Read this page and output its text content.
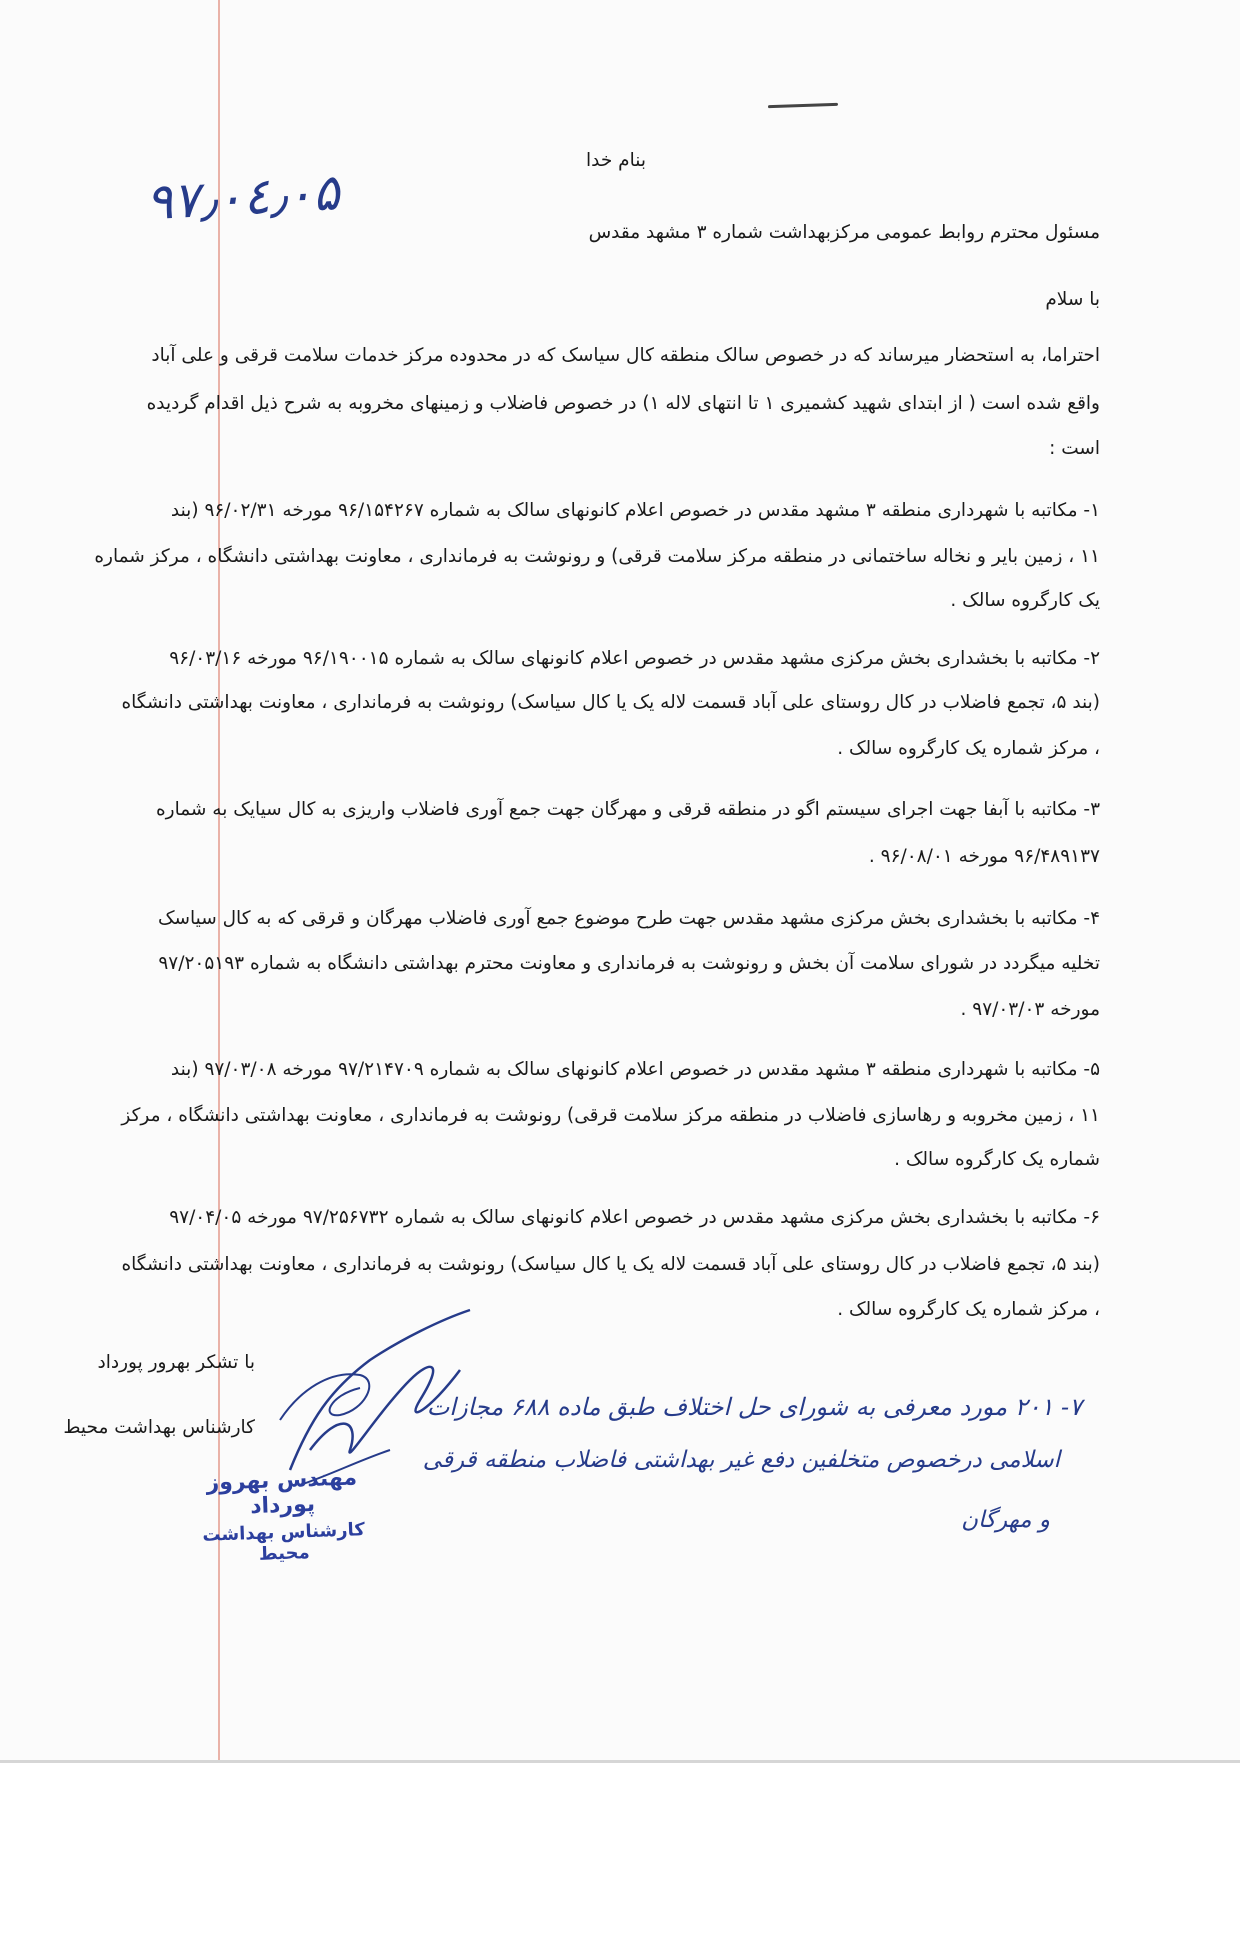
بنام خدا

۹۷٫۰٤٫۰۵

مسئول محترم روابط عمومی مرکزبهداشت شماره ۳ مشهد مقدس

با سلام

احتراما، به استحضار میرساند که در خصوص سالک منطقه کال سیاسک که در محدوده مرکز خدمات سلامت قرقی و علی آباد

واقع شده است ( از ابتدای شهید کشمیری ۱ تا انتهای لاله ۱) در خصوص فاضلاب و زمینهای مخروبه به شرح ذیل اقدام گردیده

است :

۱- مکاتبه با شهرداری منطقه ۳ مشهد مقدس در خصوص اعلام کانونهای سالک به شماره ۹۶/۱۵۴۲۶۷ مورخه ۹۶/۰۲/۳۱ (بند

۱۱ ، زمین بایر و نخاله ساختمانی در منطقه مرکز سلامت قرقی) و رونوشت به فرمانداری ، معاونت بهداشتی دانشگاه ، مرکز شماره

یک کارگروه سالک .

۲- مکاتبه با بخشداری بخش مرکزی مشهد مقدس در خصوص اعلام کانونهای سالک به شماره ۹۶/۱۹۰۰۱۵ مورخه ۹۶/۰۳/۱۶

(بند ۵، تجمع فاضلاب در کال روستای علی آباد قسمت لاله یک یا کال سیاسک) رونوشت به فرمانداری ، معاونت بهداشتی دانشگاه

، مرکز شماره یک کارگروه سالک .

۳- مکاتبه با آبفا جهت اجرای سیستم اگو در منطقه قرقی و مهرگان جهت جمع آوری فاضلاب واریزی به کال سیایک به شماره

۹۶/۴۸۹۱۳۷ مورخه ۹۶/۰۸/۰۱ .

۴- مکاتبه با بخشداری بخش مرکزی مشهد مقدس جهت طرح موضوع جمع آوری فاضلاب مهرگان و قرقی که به کال سیاسک

تخلیه میگردد در شورای سلامت آن بخش و رونوشت به فرمانداری و معاونت محترم بهداشتی دانشگاه به شماره ۹۷/۲۰۵۱۹۳

مورخه ۹۷/۰۳/۰۳ .

۵- مکاتبه با شهرداری منطقه ۳ مشهد مقدس در خصوص اعلام کانونهای سالک به شماره ۹۷/۲۱۴۷۰۹ مورخه ۹۷/۰۳/۰۸ (بند

۱۱ ، زمین مخروبه و رهاسازی فاضلاب در منطقه مرکز سلامت قرقی) رونوشت به فرمانداری ، معاونت بهداشتی دانشگاه ، مرکز

شماره یک کارگروه سالک .

۶- مکاتبه با بخشداری بخش مرکزی مشهد مقدس در خصوص اعلام کانونهای سالک به شماره ۹۷/۲۵۶۷۳۲ مورخه ۹۷/۰۴/۰۵

(بند ۵، تجمع فاضلاب در کال روستای علی آباد قسمت لاله یک یا کال سیاسک) رونوشت به فرمانداری ، معاونت بهداشتی دانشگاه

، مرکز شماره یک کارگروه سالک .

با تشکر بهرور پورداد

کارشناس بهداشت محیط

مهندس بهروز پورداد
کارشناس بهداشت محیط
۷- ۲۰۱ مورد معرفی به شورای حل اختلاف طبق ماده ۶۸۸ مجازات
اسلامی درخصوص متخلفین دفع غیر بهداشتی فاضلاب منطقه قرقی
و مهرگان
